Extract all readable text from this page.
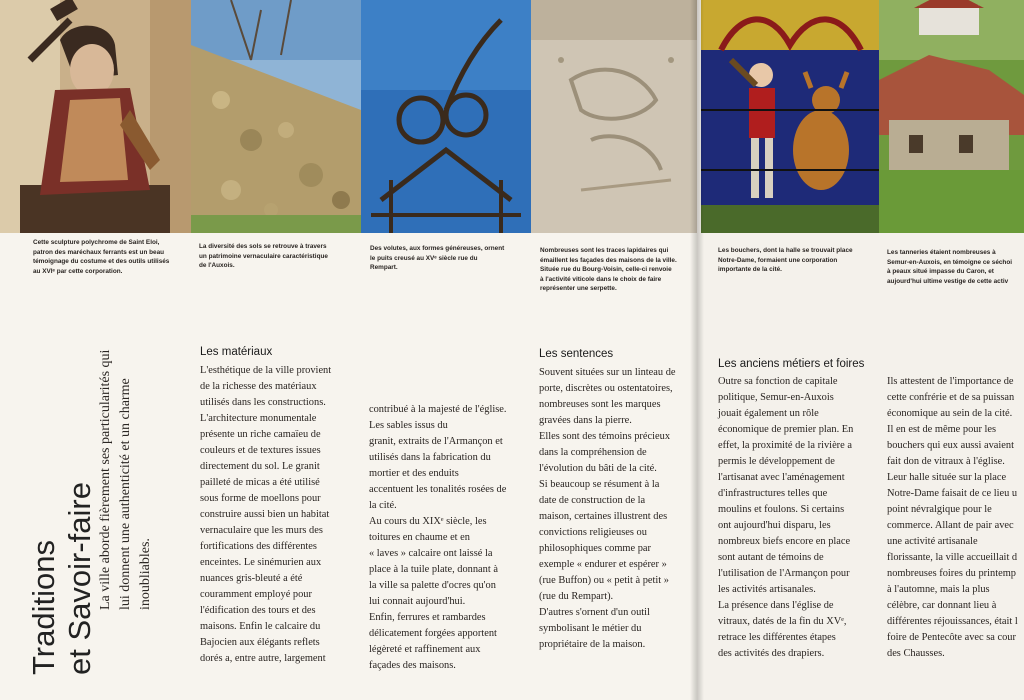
Cette sculpture polychrome de Saint Eloi,
patron des maréchaux ferrants est un beau
témoignage du costume et des outils utilisés
au XVIᵉ par cette corporation.
La diversité des sols se retrouve à travers
un patrimoine vernaculaire caractéristique
de l'Auxois.
Des volutes, aux formes généreuses, ornent
le puits creusé au XVᵉ siècle rue du
Rempart.
Nombreuses sont les traces lapidaires qui
émaillent les façades des maisons de la ville.
Située rue du Bourg-Voisin, celle-ci renvoie
à l'activité viticole dans le choix de faire
représenter une serpette.
Traditions et Savoir-faire La ville aborde fièrement ses particularités qui
lui donnent une authenticité et un charme
inoubliables.
Les matériaux
L'esthétique de la ville provient
de la richesse des matériaux
utilisés dans les constructions.
L'architecture monumentale
présente un riche camaïeu de
couleurs et de textures issues
directement du sol. Le granit
pailleté de micas a été utilisé
sous forme de moellons pour
construire aussi bien un habitat
vernaculaire que les murs des
fortifications des différentes
enceintes. Le sinémurien aux
nuances gris-bleuté a été
couramment employé pour
l'édification des tours et des
maisons. Enfin le calcaire du
Bajocien aux élégants reflets
dorés a, entre autre, largement
contribué à la majesté de l'église.
Les sables issus du
granit, extraits de l'Armançon et
utilisés dans la fabrication du
mortier et des enduits
accentuent les tonalités rosées de
la cité.
Au cours du XIXᵉ siècle, les
toitures en chaume et en
« laves » calcaire ont laissé la
place à la tuile plate, donnant à
la ville sa palette d'ocres qu'on
lui connait aujourd'hui.
Enfin, ferrures et rambardes
délicatement forgées apportent
légèreté et raffinement aux
façades des maisons.
Les sentences
Souvent situées sur un linteau de
porte, discrètes ou ostentatoires,
nombreuses sont les marques
gravées dans la pierre.
Elles sont des témoins précieux
dans la compréhension de
l'évolution du bâti de la cité.
Si beaucoup se résument à la
date de construction de la
maison, certaines illustrent des
convictions religieuses ou
philosophiques comme par
exemple « endurer et espérer »
(rue Buffon) ou « petit à petit »
(rue du Rempart).
D'autres s'ornent d'un outil
symbolisant le métier du
propriétaire de la maison.
Les bouchers, dont la halle se trouvait place
Notre-Dame, formaient une corporation
importante de la cité.
Les tanneries étaient nombreuses à
Semur-en-Auxois, en témoigne ce séchoi
à peaux situé impasse du Caron, et
aujourd'hui ultime vestige de cette activ
Les anciens métiers et foires
Outre sa fonction de capitale
politique, Semur-en-Auxois
jouait également un rôle
économique de premier plan. En
effet, la proximité de la rivière a
permis le développement de
l'artisanat avec l'aménagement
d'infrastructures telles que
moulins et foulons. Si certains
ont aujourd'hui disparu, les
nombreux biefs encore en place
sont autant de témoins de
l'utilisation de l'Armançon pour
les activités artisanales.
La présence dans l'église de
vitraux, datés de la fin du XVᵉ,
retrace les différentes étapes
des activités des drapiers.
Ils attestent de l'importance de
cette confrérie et de sa puissan
économique au sein de la cité.
Il en est de même pour les
bouchers qui eux aussi avaient
fait don de vitraux à l'église.
Leur halle située sur la place
Notre-Dame faisait de ce lieu u
point névralgique pour le
commerce. Allant de pair avec
une activité artisanale
florissante, la ville accueillait d
nombreuses foires du printemp
à l'automne, mais la plus
célèbre, car donnant lieu à
différentes réjouissances, était l
foire de Pentecôte avec sa cour
des Chausses.
